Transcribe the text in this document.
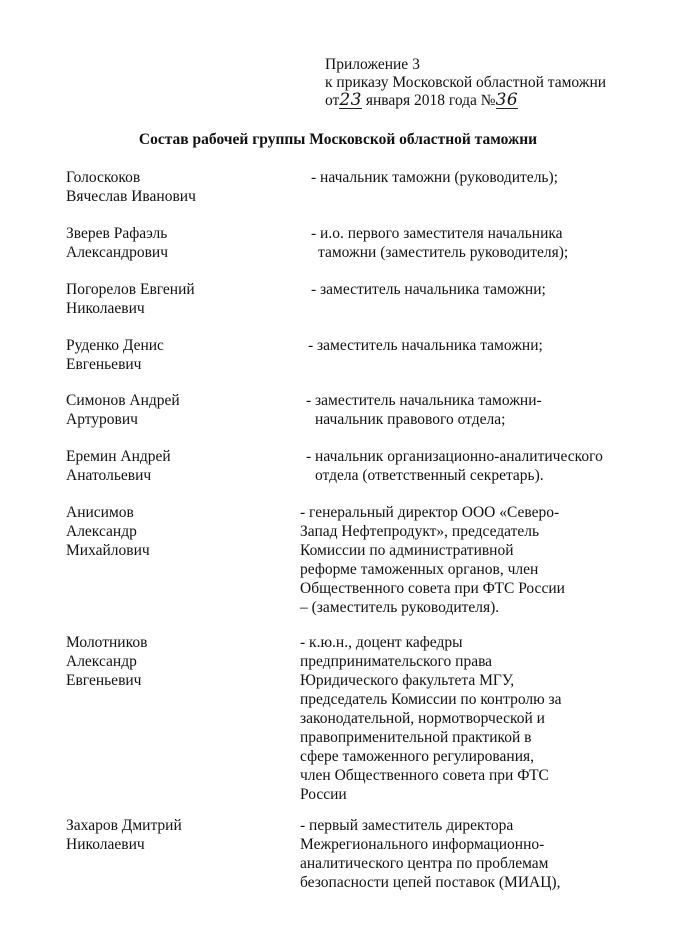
Приложение 3
к приказу Московской областной таможни
от23 января 2018 года №36
Состав рабочей группы Московской областной таможни
Голоскоков
Вячеслав Иванович
- начальник таможни (руководитель);
Зверев Рафаэль
Александрович
- и.о. первого заместителя начальника
таможни (заместитель руководителя);
Погорелов Евгений
Николаевич
- заместитель начальника таможни;
Руденко Денис
Евгеньевич
- заместитель начальника таможни;
Симонов Андрей
Артурович
- заместитель начальника таможни-
начальник правового отдела;
Еремин Андрей
Анатольевич
- начальник организационно-аналитического
отдела (ответственный секретарь).
Анисимов
Александр
Михайлович
- генеральный директор ООО «Северо-
Запад Нефтепродукт», председатель
Комиссии по административной
реформе таможенных органов, член
Общественного совета при ФТС России
– (заместитель руководителя).
Молотников
Александр
Евгеньевич
- к.ю.н., доцент кафедры
предпринимательского права
Юридического факультета МГУ,
председатель Комиссии по контролю за
законодательной, нормотворческой и
правоприменительной практикой в
сфере таможенного регулирования,
член Общественного совета при ФТС
России
Захаров Дмитрий
Николаевич
- первый заместитель директора
Межрегионального информационно-
аналитического центра по проблемам
безопасности цепей поставок (МИАЦ),
